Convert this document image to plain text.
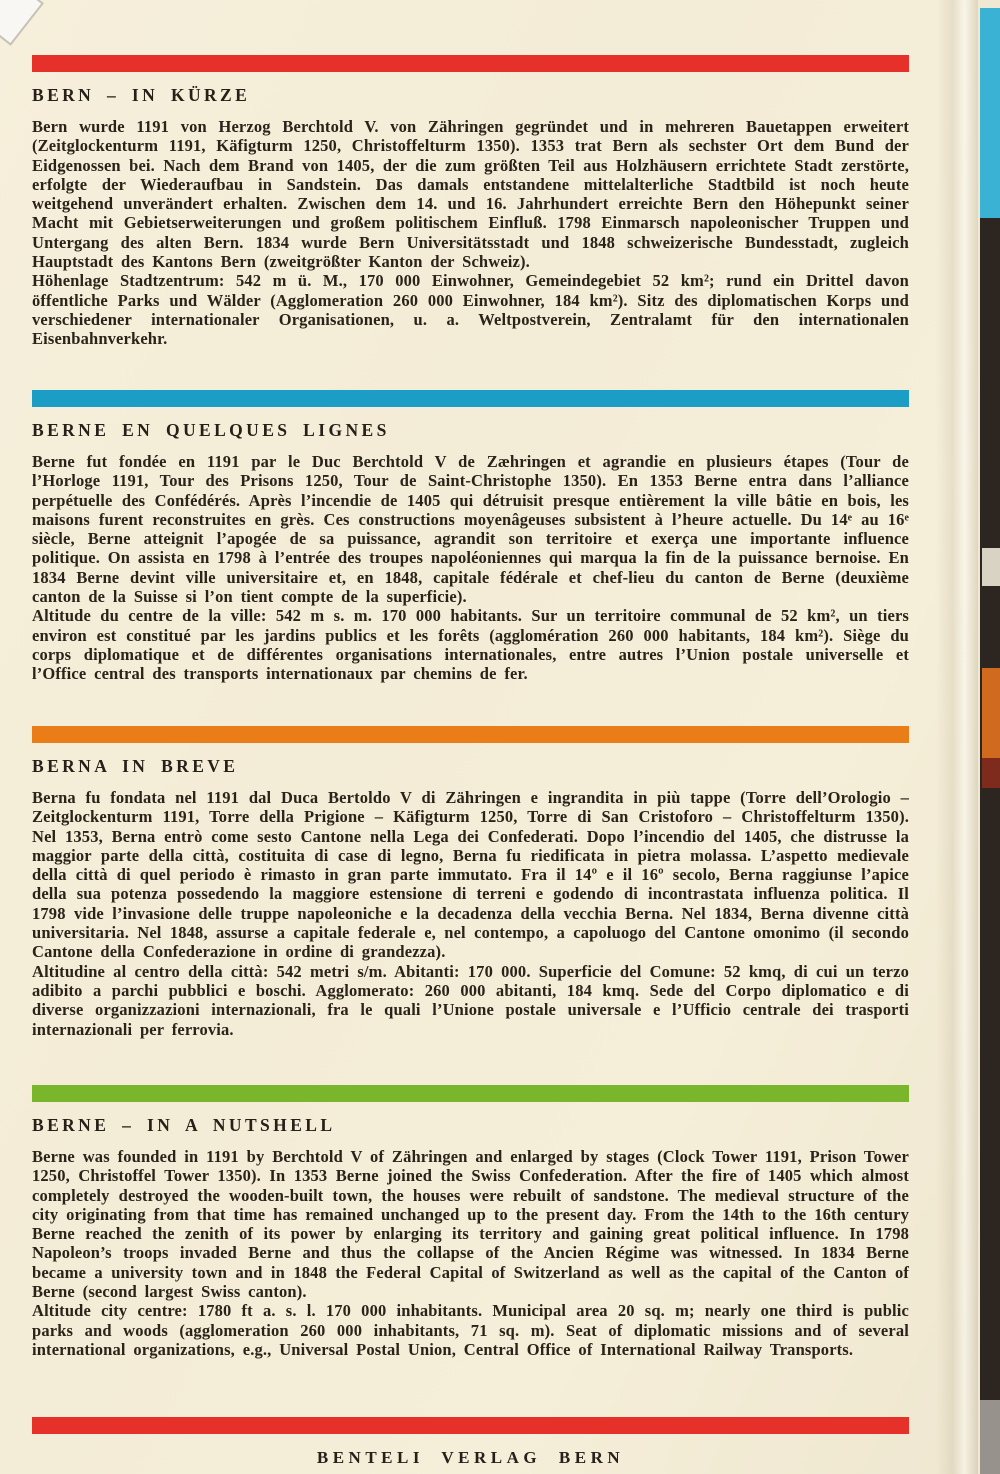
BERN – IN KÜRZE

Bern wurde 1191 von Herzog Berchtold V. von Zähringen gegründet und in mehreren Bauetappen erweitert (Zeitglockenturm 1191, Käfigturm 1250, Christoffelturm 1350). 1353 trat Bern als sechster Ort dem Bund der Eidgenossen bei. Nach dem Brand von 1405, der die zum größten Teil aus Holzhäusern errichtete Stadt zerstörte, erfolgte der Wiederaufbau in Sandstein. Das damals entstandene mittelalterliche Stadtbild ist noch heute weitgehend unverändert erhalten. Zwischen dem 14. und 16. Jahrhundert erreichte Bern den Höhepunkt seiner Macht mit Gebietserweiterungen und großem politischem Einfluß. 1798 Einmarsch napoleonischer Truppen und Untergang des alten Bern. 1834 wurde Bern Universitätsstadt und 1848 schweizerische Bundesstadt, zugleich Hauptstadt des Kantons Bern (zweitgrößter Kanton der Schweiz).

Höhenlage Stadtzentrum: 542 m ü. M., 170 000 Einwohner, Gemeindegebiet 52 km²; rund ein Drittel davon öffentliche Parks und Wälder (Agglomeration 260 000 Einwohner, 184 km²). Sitz des diplomatischen Korps und verschiedener internationaler Organisationen, u. a. Weltpostverein, Zentralamt für den internationalen Eisenbahnverkehr.

BERNE EN QUELQUES LIGNES

Berne fut fondée en 1191 par le Duc Berchtold V de Zæhringen et agrandie en plusieurs étapes (Tour de l’Horloge 1191, Tour des Prisons 1250, Tour de Saint-Christophe 1350). En 1353 Berne entra dans l’alliance perpétuelle des Confédérés. Après l’incendie de 1405 qui détruisit presque entièrement la ville bâtie en bois, les maisons furent reconstruites en grès. Ces constructions moyenâgeuses subsistent à l’heure actuelle. Du 14ᵉ au 16ᵉ siècle, Berne atteignit l’apogée de sa puissance, agrandit son territoire et exerça une importante influence politique. On assista en 1798 à l’entrée des troupes napoléoniennes qui marqua la fin de la puissance bernoise. En 1834 Berne devint ville universitaire et, en 1848, capitale fédérale et chef-lieu du canton de Berne (deuxième canton de la Suisse si l’on tient compte de la superficie).

Altitude du centre de la ville: 542 m s. m. 170 000 habitants. Sur un territoire communal de 52 km², un tiers environ est constitué par les jardins publics et les forêts (agglomération 260 000 habitants, 184 km²). Siège du corps diplomatique et de différentes organisations internationales, entre autres l’Union postale universelle et l’Office central des transports internationaux par chemins de fer.

BERNA IN BREVE

Berna fu fondata nel 1191 dal Duca Bertoldo V di Zähringen e ingrandita in più tappe (Torre dell’Orologio – Zeitglockenturm 1191, Torre della Prigione – Käfigturm 1250, Torre di San Cristoforo – Christoffelturm 1350). Nel 1353, Berna entrò come sesto Cantone nella Lega dei Confederati. Dopo l’incendio del 1405, che distrusse la maggior parte della città, costituita di case di legno, Berna fu riedificata in pietra molassa. L’aspetto medievale della città di quel periodo è rimasto in gran parte immutato. Fra il 14º e il 16º secolo, Berna raggiunse l’apice della sua potenza possedendo la maggiore estensione di terreni e godendo di incontrastata influenza politica. Il 1798 vide l’invasione delle truppe napoleoniche e la decadenza della vecchia Berna. Nel 1834, Berna divenne città universitaria. Nel 1848, assurse a capitale federale e, nel contempo, a capoluogo del Cantone omonimo (il secondo Cantone della Confederazione in ordine di grandezza).

Altitudine al centro della città: 542 metri s/m. Abitanti: 170 000. Superficie del Comune: 52 kmq, di cui un terzo adibito a parchi pubblici e boschi. Agglomerato: 260 000 abitanti, 184 kmq. Sede del Corpo diplomatico e di diverse organizzazioni internazionali, fra le quali l’Unione postale universale e l’Ufficio centrale dei trasporti internazionali per ferrovia.

BERNE – IN A NUTSHELL

Berne was founded in 1191 by Berchtold V of Zähringen and enlarged by stages (Clock Tower 1191, Prison Tower 1250, Christoffel Tower 1350). In 1353 Berne joined the Swiss Confederation. After the fire of 1405 which almost completely destroyed the wooden-built town, the houses were rebuilt of sandstone. The medieval structure of the city originating from that time has remained unchanged up to the present day. From the 14th to the 16th century Berne reached the zenith of its power by enlarging its territory and gaining great political influence. In 1798 Napoleon’s troops invaded Berne and thus the collapse of the Ancien Régime was witnessed. In 1834 Berne became a university town and in 1848 the Federal Capital of Switzerland as well as the capital of the Canton of Berne (second largest Swiss canton).

Altitude city centre: 1780 ft a. s. l. 170 000 inhabitants. Municipal area 20 sq. m; nearly one third is public parks and woods (agglomeration 260 000 inhabitants, 71 sq. m). Seat of diplomatic missions and of several international organizations, e.g., Universal Postal Union, Central Office of International Railway Transports.

BENTELI VERLAG BERN
